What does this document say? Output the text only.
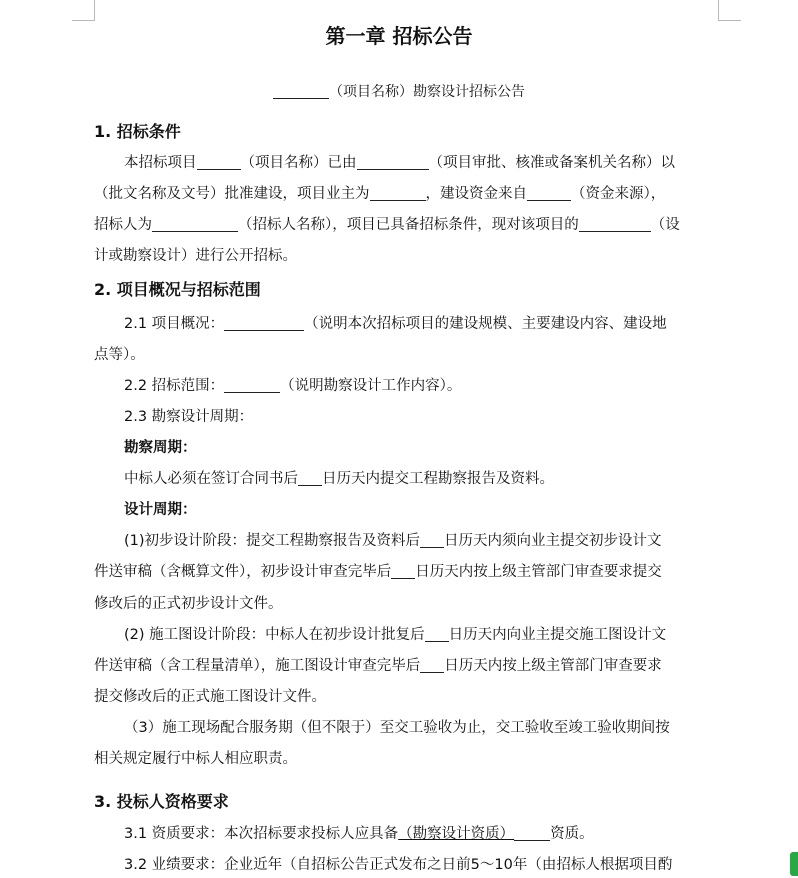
第一章 招标公告
（项目名称）勘察设计招标公告
1. 招标条件
本招标项目	（项目名称）已由	（项目审批、核准或备案机关名称）以
（批文名称及文号）批准建设，项目业主为	，建设资金来自	（资金来源），
招标人为	（招标人名称），项目已具备招标条件，现对该项目的	（设
计或勘察设计）进行公开招标。
2. 项目概况与招标范围
2.1 项目概况：	（说明本次招标项目的建设规模、主要建设内容、建设地
点等）。
2.2 招标范围：	（说明勘察设计工作内容）。
2.3 勘察设计周期：
勘察周期：
中标人必须在签订合同书后 日历天内提交工程勘察报告及资料。
设计周期：
(1)初步设计阶段：提交工程勘察报告及资料后 日历天内须向业主提交初步设计文
件送审稿（含概算文件），初步设计审查完毕后 日历天内按上级主管部门审查要求提交
修改后的正式初步设计文件。
(2) 施工图设计阶段：中标人在初步设计批复后 日历天内向业主提交施工图设计文
件送审稿（含工程量清单），施工图设计审查完毕后 日历天内按上级主管部门审查要求
提交修改后的正式施工图设计文件。
（3）施工现场配合服务期（但不限于）至交工验收为止，交工验收至竣工验收期间按
相关规定履行中标人相应职责。
3. 投标人资格要求
3.1 资质要求：本次招标要求投标人应具备（勘察设计资质） 资质。
3.2 业绩要求：企业近年（自招标公告正式发布之日前5～10年（由招标人根据项目酌
